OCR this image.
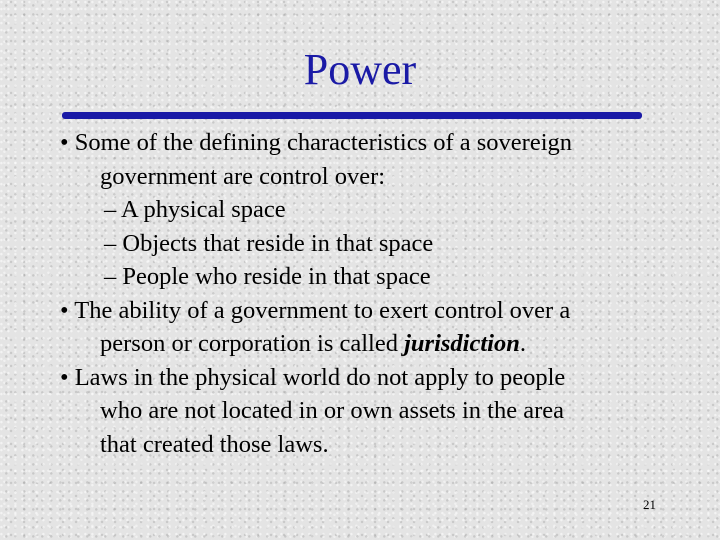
Power
• Some of the defining characteristics of a sovereign
government are control over:
– A physical space
– Objects that reside in that space
– People who reside in that space
• The ability of a government to exert control over a
person or corporation is called jurisdiction.
• Laws in the physical world do not apply to people
who are not located in or own assets in the area
that created those laws.
21
